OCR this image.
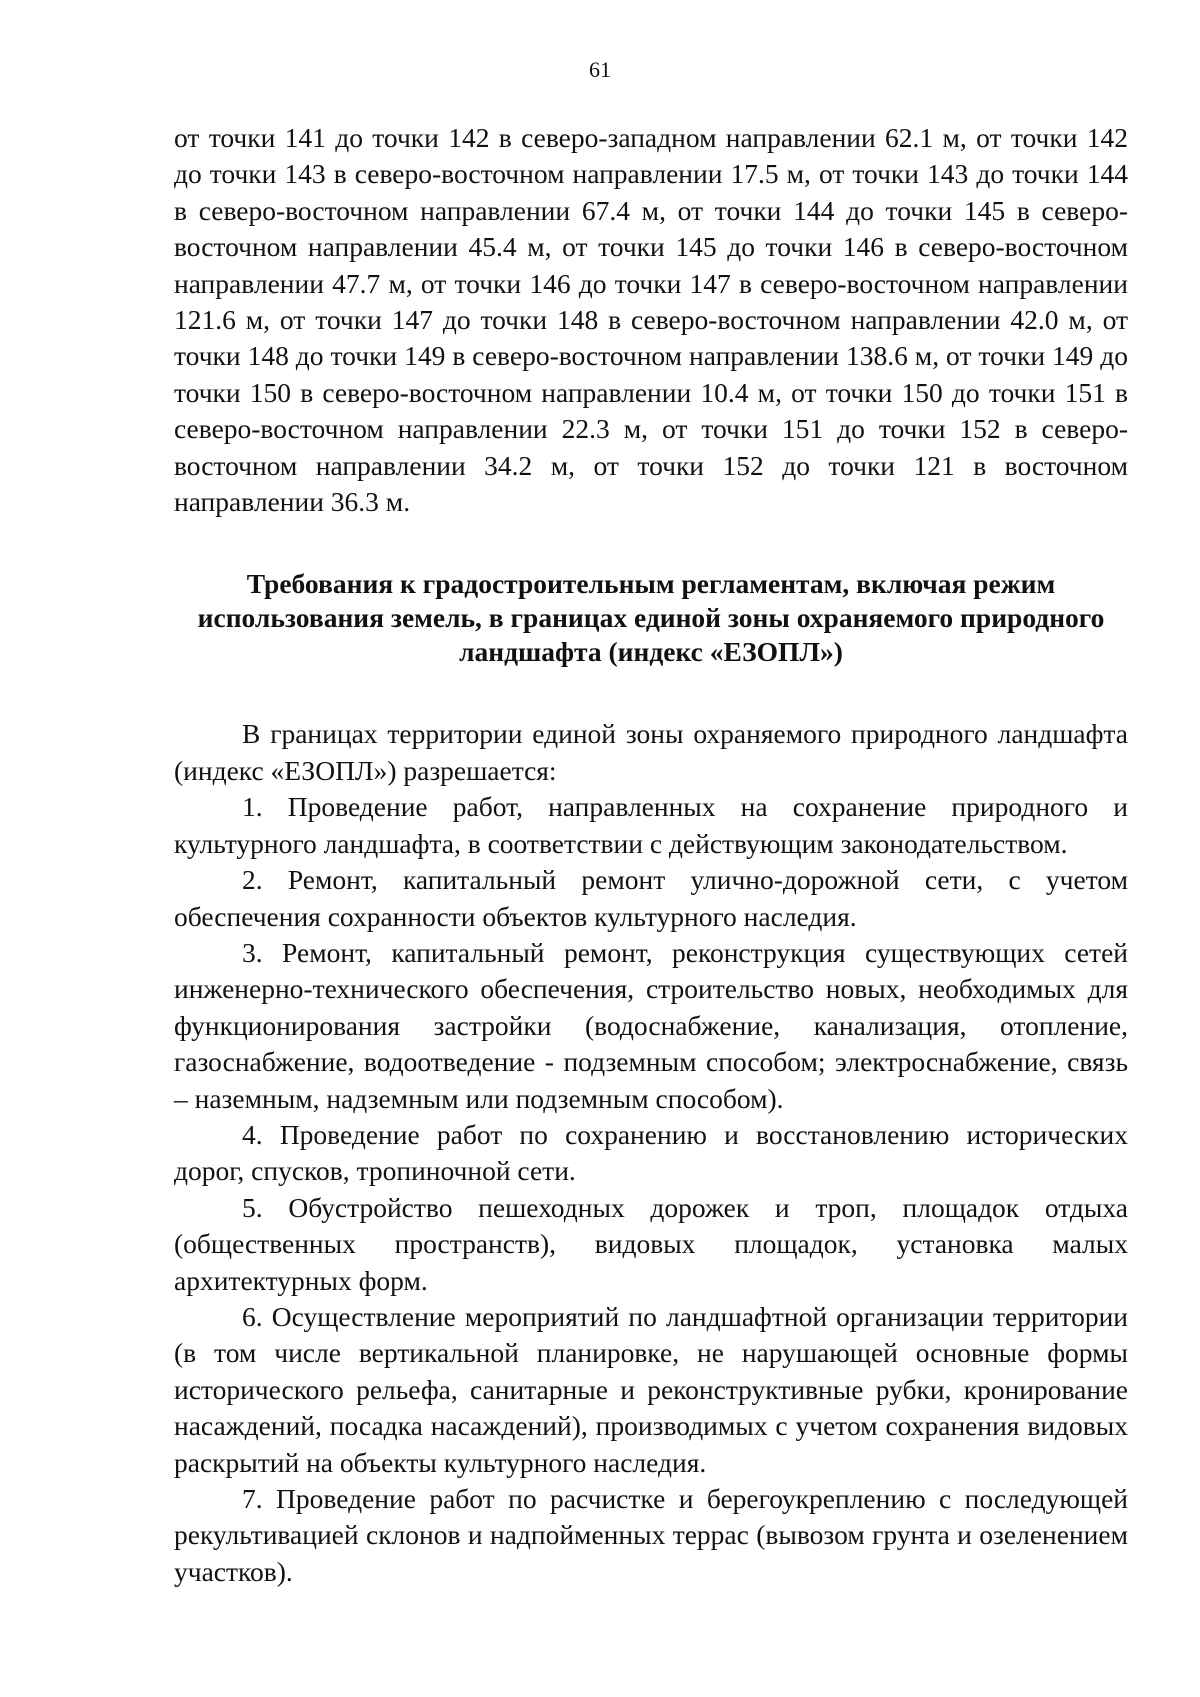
61

от точки 141 до точки 142 в северо-западном направлении 62.1 м, от точки 142 до точки 143 в северо-восточном направлении 17.5 м, от точки 143 до точки 144 в северо-восточном направлении 67.4 м, от точки 144 до точки 145 в северо-восточном направлении 45.4 м, от точки 145 до точки 146 в северо-восточном направлении 47.7 м, от точки 146 до точки 147 в северо-восточном направлении 121.6 м, от точки 147 до точки 148 в северо-восточном направлении 42.0 м, от точки 148 до точки 149 в северо-восточном направлении 138.6 м, от точки 149 до точки 150 в северо-восточном направлении 10.4 м, от точки 150 до точки 151 в северо-восточном направлении 22.3 м, от точки 151 до точки 152 в северо-восточном направлении 34.2 м, от точки 152 до точки 121 в восточном направлении 36.3 м.

Требования к градостроительным регламентам, включая режим
использования земель, в границах единой зоны охраняемого природного
ландшафта (индекс «ЕЗОПЛ»)

В границах территории единой зоны охраняемого природного ландшафта (индекс «ЕЗОПЛ») разрешается:

1. Проведение работ, направленных на сохранение природного и культурного ландшафта, в соответствии с действующим законодательством.

2. Ремонт, капитальный ремонт улично-дорожной сети, с учетом обеспечения сохранности объектов культурного наследия.

3. Ремонт, капитальный ремонт, реконструкция существующих сетей инженерно-технического обеспечения, строительство новых, необходимых для функционирования застройки (водоснабжение, канализация, отопление, газоснабжение, водоотведение - подземным способом; электроснабжение, связь – наземным, надземным или подземным способом).

4. Проведение работ по сохранению и восстановлению исторических дорог, спусков, тропиночной сети.

5. Обустройство пешеходных дорожек и троп, площадок отдыха (общественных пространств), видовых площадок, установка малых архитектурных форм.

6. Осуществление мероприятий по ландшафтной организации территории (в том числе вертикальной планировке, не нарушающей основные формы исторического рельефа, санитарные и реконструктивные рубки, кронирование насаждений, посадка насаждений), производимых с учетом сохранения видовых раскрытий на объекты культурного наследия.

7. Проведение работ по расчистке и берегоукреплению с последующей рекультивацией склонов и надпойменных террас (вывозом грунта и озеленением участков).
